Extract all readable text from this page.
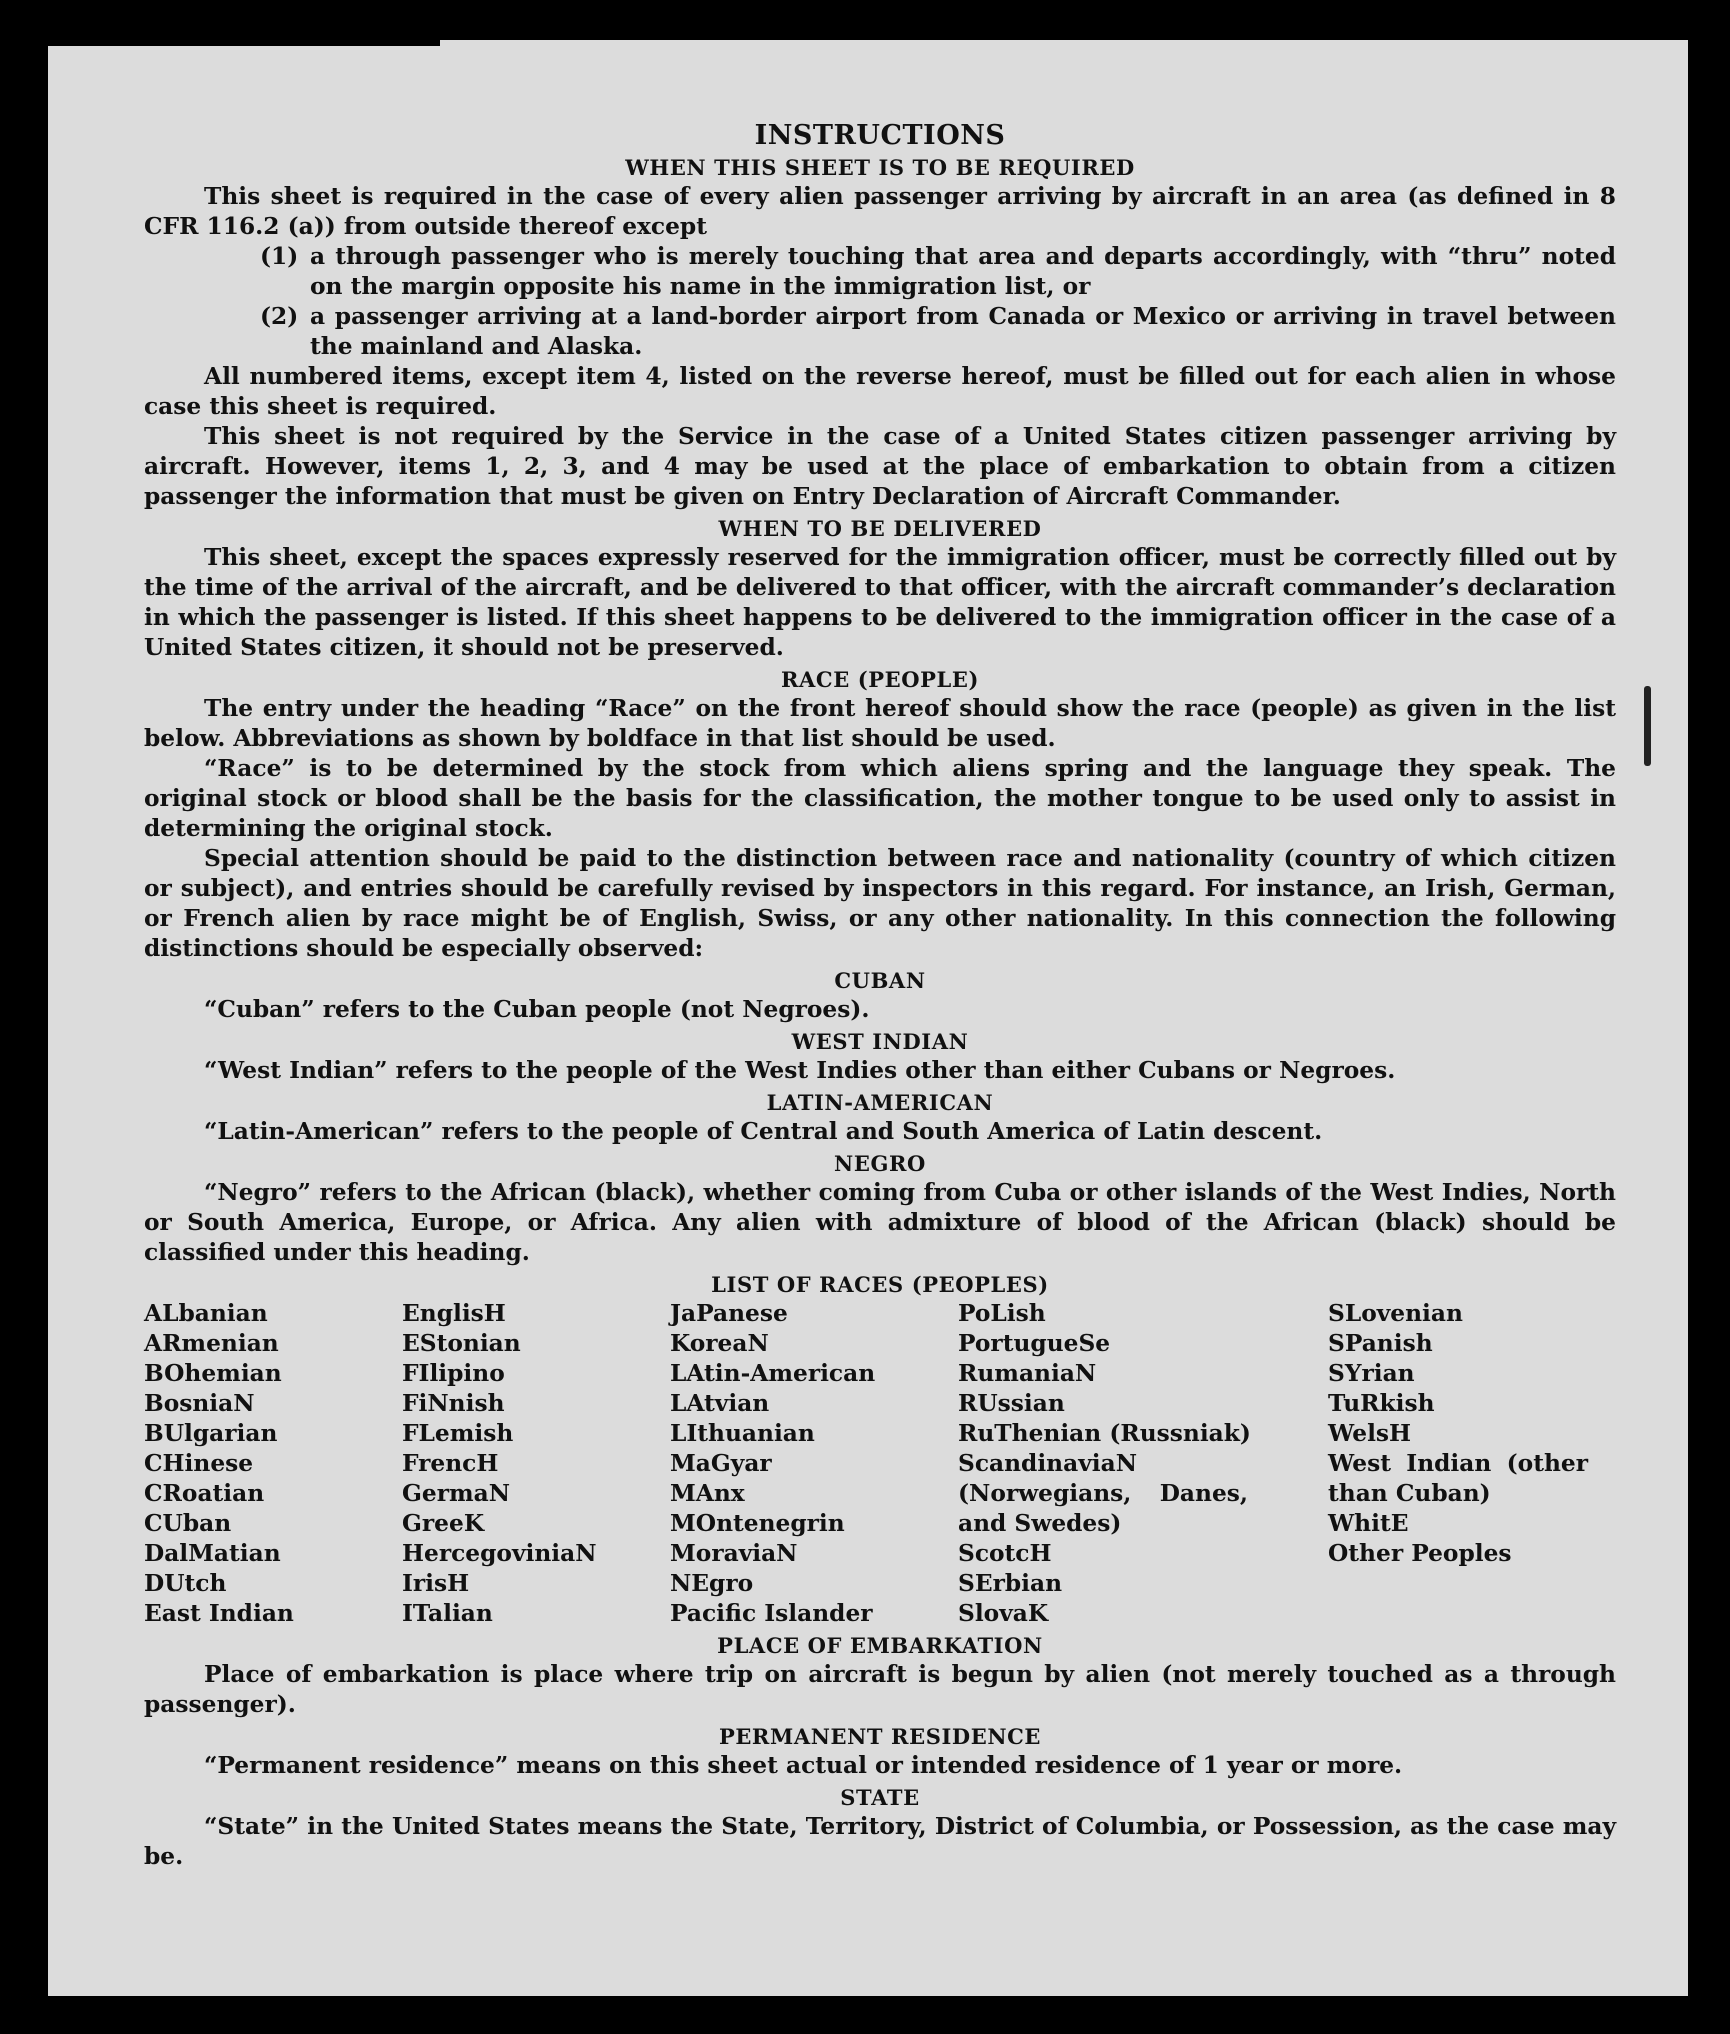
INSTRUCTIONS
WHEN THIS SHEET IS TO BE REQUIRED

This sheet is required in the case of every alien passenger arriving by aircraft in an area (as defined in 8 CFR 116.2 (a)) from outside thereof except

(1) a through passenger who is merely touching that area and departs accordingly, with “thru” noted on the margin opposite his name in the immigration list, or

(2) a passenger arriving at a land-border airport from Canada or Mexico or arriving in travel between the mainland and Alaska.

All numbered items, except item 4, listed on the reverse hereof, must be filled out for each alien in whose case this sheet is required.

This sheet is not required by the Service in the case of a United States citizen passenger arriving by aircraft. However, items 1, 2, 3, and 4 may be used at the place of embarkation to obtain from a citizen passenger the information that must be given on Entry Declaration of Aircraft Commander.

WHEN TO BE DELIVERED

This sheet, except the spaces expressly reserved for the immigration officer, must be correctly filled out by the time of the arrival of the aircraft, and be delivered to that officer, with the aircraft commander’s declaration in which the passenger is listed. If this sheet happens to be delivered to the immigration officer in the case of a United States citizen, it should not be preserved.

RACE (PEOPLE)

The entry under the heading “Race” on the front hereof should show the race (people) as given in the list below. Abbreviations as shown by boldface in that list should be used.

“Race” is to be determined by the stock from which aliens spring and the language they speak. The original stock or blood shall be the basis for the classification, the mother tongue to be used only to assist in determining the original stock.

Special attention should be paid to the distinction between race and nationality (country of which citizen or subject), and entries should be carefully revised by inspectors in this regard. For instance, an Irish, German, or French alien by race might be of English, Swiss, or any other nationality. In this connection the following distinctions should be especially observed:

CUBAN

“Cuban” refers to the Cuban people (not Negroes).

WEST INDIAN

“West Indian” refers to the people of the West Indies other than either Cubans or Negroes.

LATIN-AMERICAN

“Latin-American” refers to the people of Central and South America of Latin descent.

NEGRO

“Negro” refers to the African (black), whether coming from Cuba or other islands of the West Indies, North or South America, Europe, or Africa. Any alien with admixture of blood of the African (black) should be classified under this heading.

LIST OF RACES (PEOPLES)
ALbanian
ARmenian
BOhemian
BosniaN
BUlgarian
CHinese
CRoatian
CUban
DalMatian
DUtch
East Indian
EnglisH
EStonian
FIlipino
FiNnish
FLemish
FrencH
GermaN
GreeK
HercegoviniaN
IrisH
ITalian
JaPanese
KoreaN
LAtin-American
LAtvian
LIthuanian
MaGyar
MAnx
MOntenegrin
MoraviaN
NEgro
Pacific Islander
PoLish
PortugueSe
RumaniaN
RUssian
RuThenian (Russniak)
ScandinaviaN (Norwegians, Danes, and Swedes)
ScotcH
SErbian
SlovaK
SLovenian
SPanish
SYrian
TuRkish
WelsH
West Indian (other than Cuban)
WhitE
Other Peoples
PLACE OF EMBARKATION

Place of embarkation is place where trip on aircraft is begun by alien (not merely touched as a through passenger).

PERMANENT RESIDENCE

“Permanent residence” means on this sheet actual or intended residence of 1 year or more.

STATE

“State” in the United States means the State, Territory, District of Columbia, or Possession, as the case may be.
